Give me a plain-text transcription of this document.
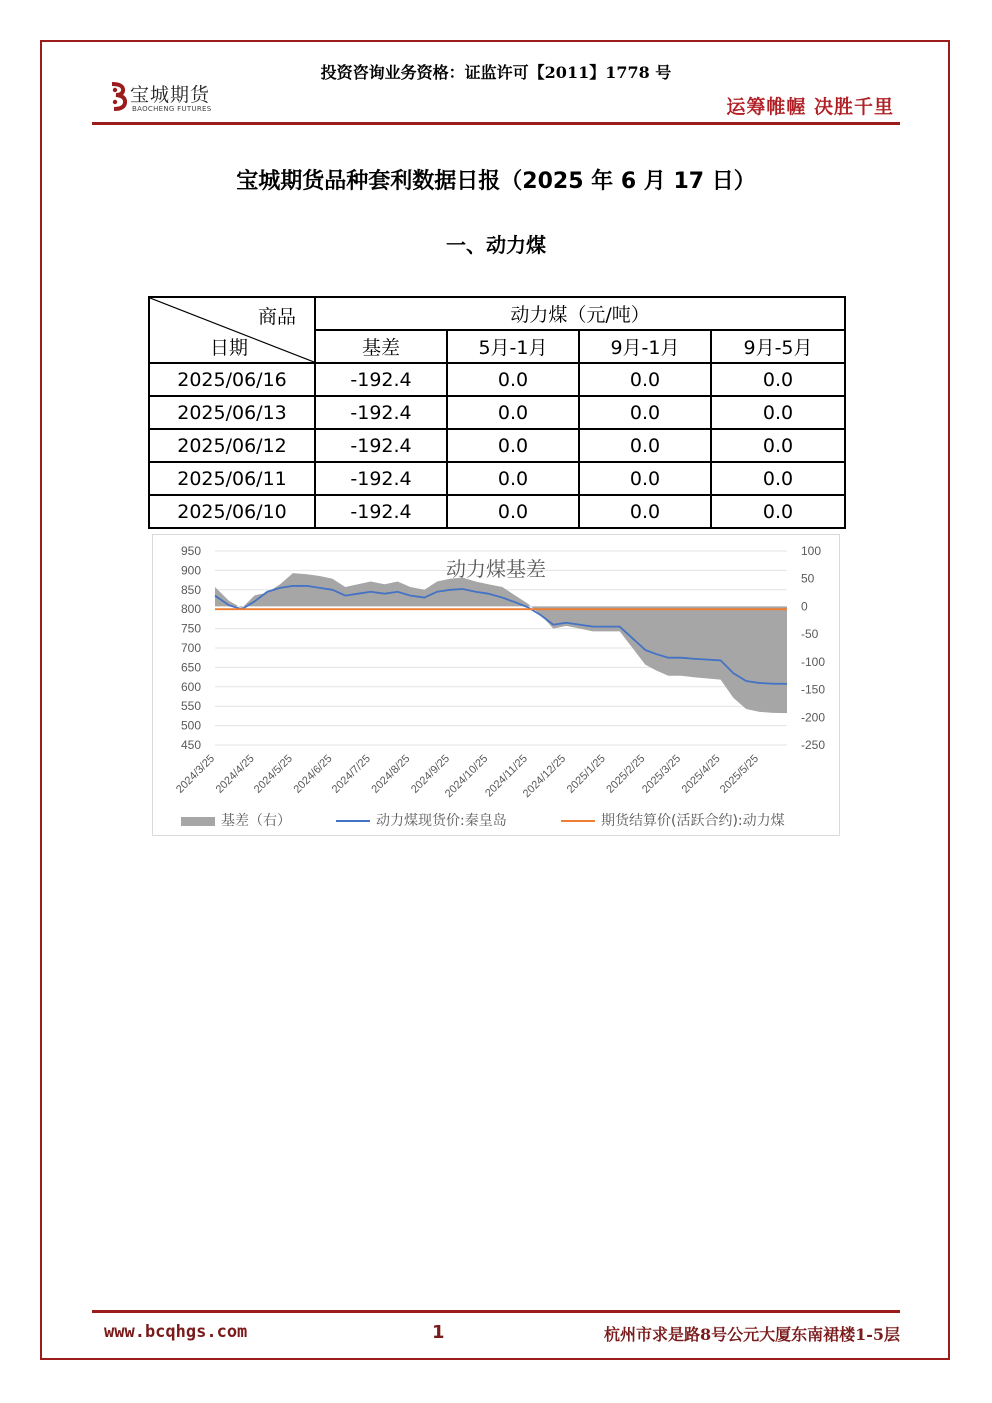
投资咨询业务资格：证监许可【2011】1778 号
宝城期货
BAOCHENG FUTURES	运筹帷幄 决胜千里
宝城期货品种套利数据日报（2025 年 6 月 17 日）
一、动力煤
商品
日期	动力煤（元/吨）			
	基差	5月-1月	9月-1月	9月-5月
2025/06/16	-192.4	0.0	0.0	0.0
2025/06/13	-192.4	0.0	0.0	0.0
2025/06/12	-192.4	0.0	0.0	0.0
2025/06/11	-192.4	0.0	0.0	0.0
2025/06/10	-192.4	0.0	0.0	0.0
450
500
550
600
650
700
750
800
850
900
950
-250
-200
-150
-100
-50
0
50
100
2024/3/25
2024/4/25
2024/5/25
2024/6/25
2024/7/25
2024/8/25
2024/9/25
2024/10/25
2024/11/25
2024/12/25
2025/1/25
2025/2/25
2025/3/25
2025/4/25
2025/5/25
动力煤基差
基差（右）	动力煤现货价:秦皇岛	期货结算价(活跃合约):动力煤
www.bcqhgs.com	1	杭州市求是路8号公元大厦东南裙楼1-5层
